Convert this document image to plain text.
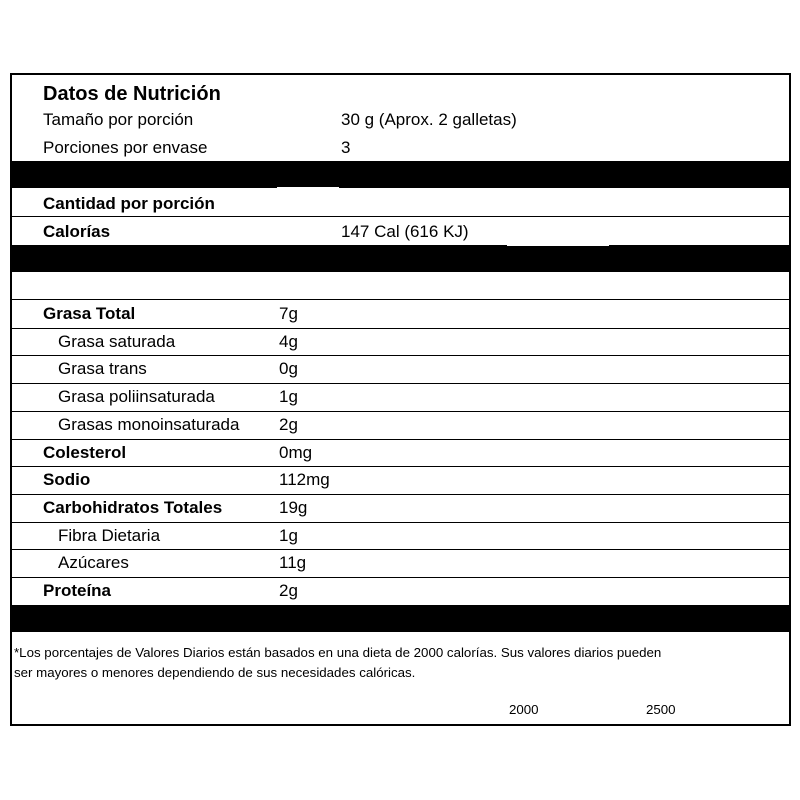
Datos de Nutrición
Tamaño por porción	30 g (Aprox. 2 galletas)
Porciones por envase	3
Cantidad por porción
Calorías	147 Cal (616 KJ)
Grasa Total	7g
Grasa saturada	4g
Grasa trans	0g
Grasa poliinsaturada	1g
Grasas monoinsaturada 2g
Colesterol	0mg
Sodio	112mg
Carbohidratos Totales	19g
Fibra Dietaria	1g
Azúcares	11g
Proteína	2g
*Los porcentajes de Valores Diarios están basados en una dieta de 2000 calorías. Sus valores diarios pueden
ser mayores o menores dependiendo de sus necesidades calóricas.
2000	2500
